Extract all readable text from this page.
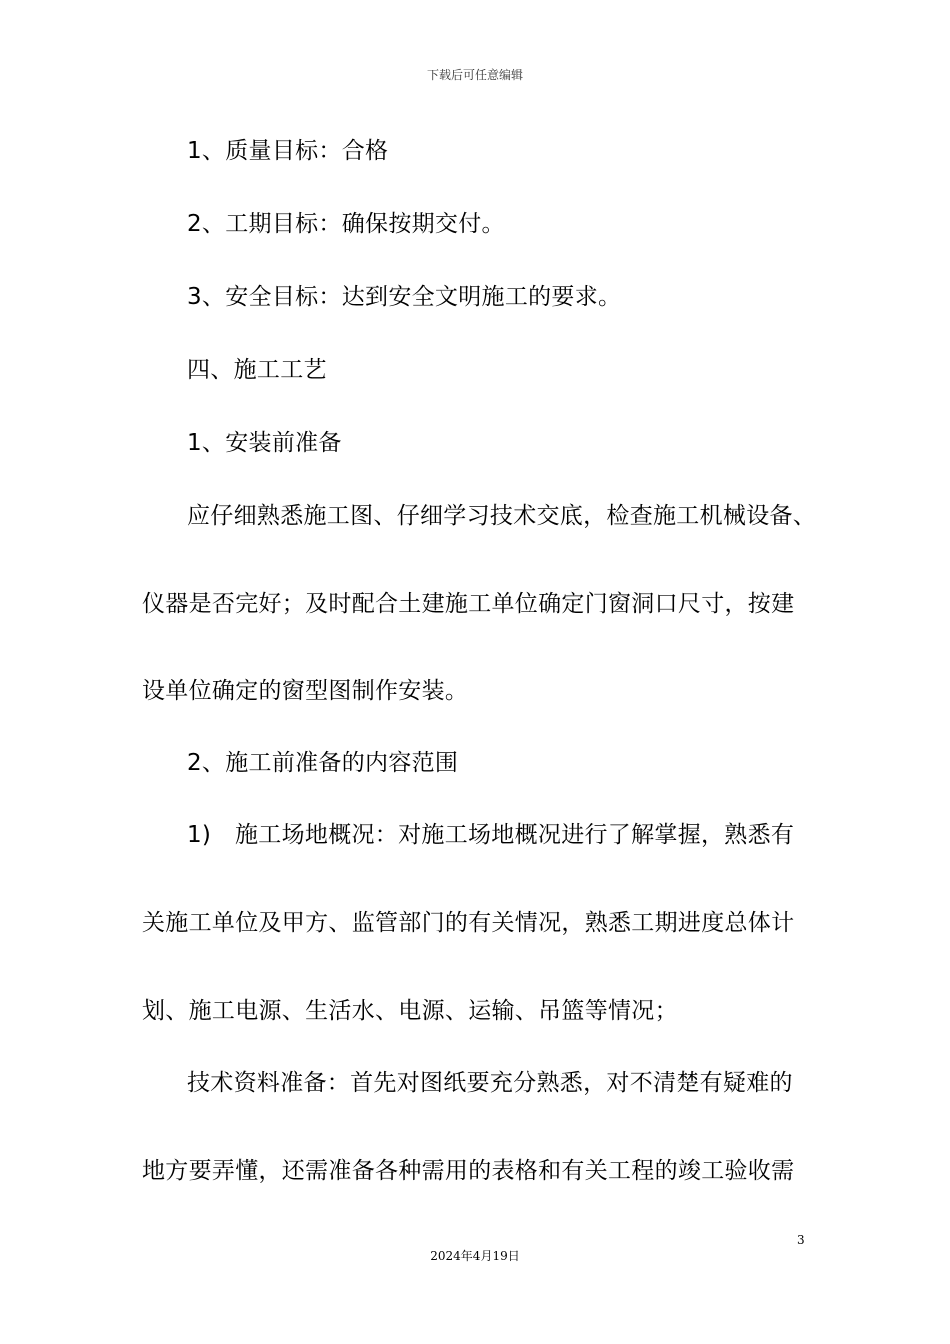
下载后可任意编辑
1、质量目标：合格
2、工期目标：确保按期交付。
3、安全目标：达到安全文明施工的要求。
四、施工工艺
1、安装前准备
应仔细熟悉施工图、仔细学习技术交底，检查施工机械设备、
仪器是否完好；及时配合土建施工单位确定门窗洞口尺寸，按建
设单位确定的窗型图制作安装。
2、施工前准备的内容范围
1) 施工场地概况：对施工场地概况进行了解掌握，熟悉有
关施工单位及甲方、监管部门的有关情况，熟悉工期进度总体计
划、施工电源、生活水、电源、运输、吊篮等情况；
技术资料准备：首先对图纸要充分熟悉，对不清楚有疑难的
地方要弄懂，还需准备各种需用的表格和有关工程的竣工验收需
3
2024年4月19日
